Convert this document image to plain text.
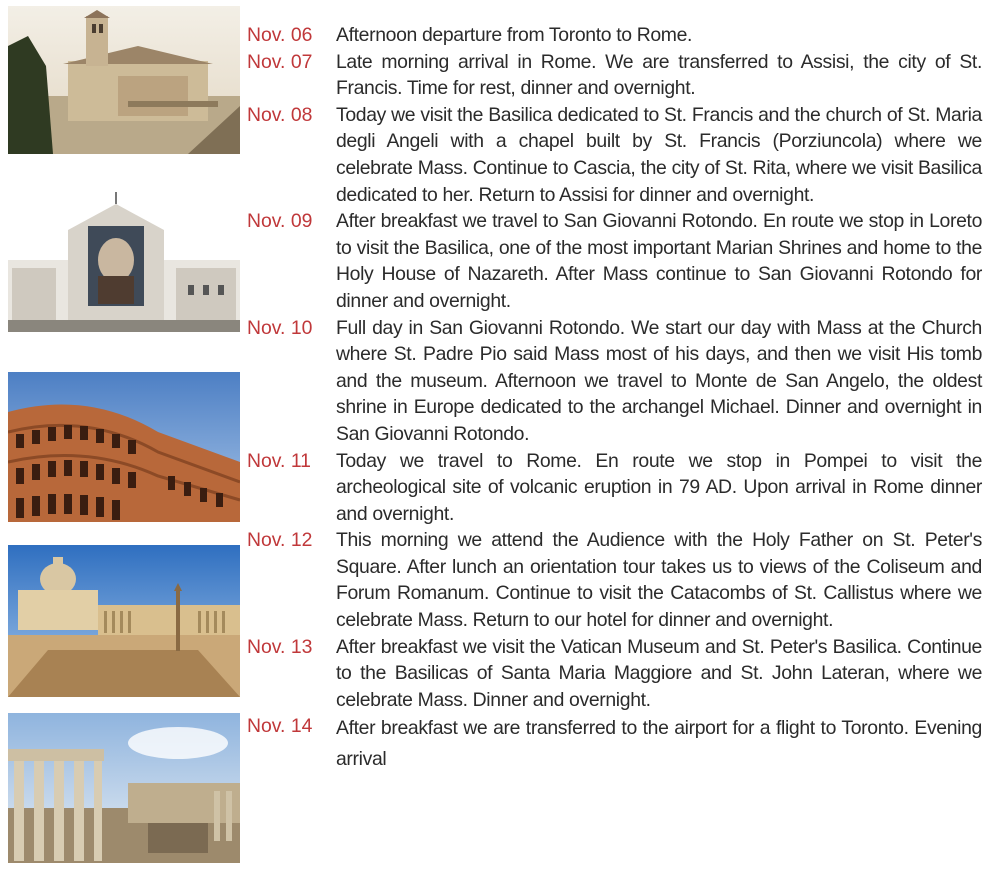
Nov. 06	Afternoon departure from Toronto to Rome.
Nov. 07	Late morning arrival in Rome. We are transferred to Assisi, the city of St. Francis. Time for rest, dinner and overnight.
Nov. 08	Today we visit the Basilica dedicated to St. Francis and the church of St. Maria degli Angeli with a chapel built by St. Francis (Porziuncola) where we celebrate Mass. Continue to Cascia, the city of St. Rita, where we visit Basilica dedicated to her. Return to Assisi for dinner and overnight.
Nov. 09	After breakfast we travel to San Giovanni Rotondo. En route we stop in Loreto to visit the Basilica, one of the most important Marian Shrines and home to the Holy House of Nazareth. After Mass continue to San Giovanni Rotondo for dinner and overnight.
Nov. 10	Full day in San Giovanni Rotondo. We start our day with Mass at the Church where St. Padre Pio said Mass most of his days, and then we visit His tomb and the museum. Afternoon we travel to Monte de San Angelo, the oldest shrine in Europe dedicated to the archangel Michael. Dinner and overnight in San Giovanni Rotondo.
Nov. 11	Today we travel to Rome. En route we stop in Pompei to visit the archeological site of volcanic eruption in 79 AD. Upon arrival in Rome dinner and overnight.
Nov. 12	This morning we attend the Audience with the Holy Father on St. Peter's Square. After lunch an orientation tour takes us to views of the Coliseum and Forum Romanum. Continue to visit the Catacombs of St. Callistus where we celebrate Mass. Return to our hotel for dinner and overnight.
Nov. 13	After breakfast we visit the Vatican Museum and St. Peter's Basilica. Continue to the Basilicas of Santa Maria Maggiore and St. John Lateran, where we celebrate Mass. Dinner and overnight.
Nov. 14	After breakfast we are transferred to the airport for a flight to Toronto. Evening arrival
